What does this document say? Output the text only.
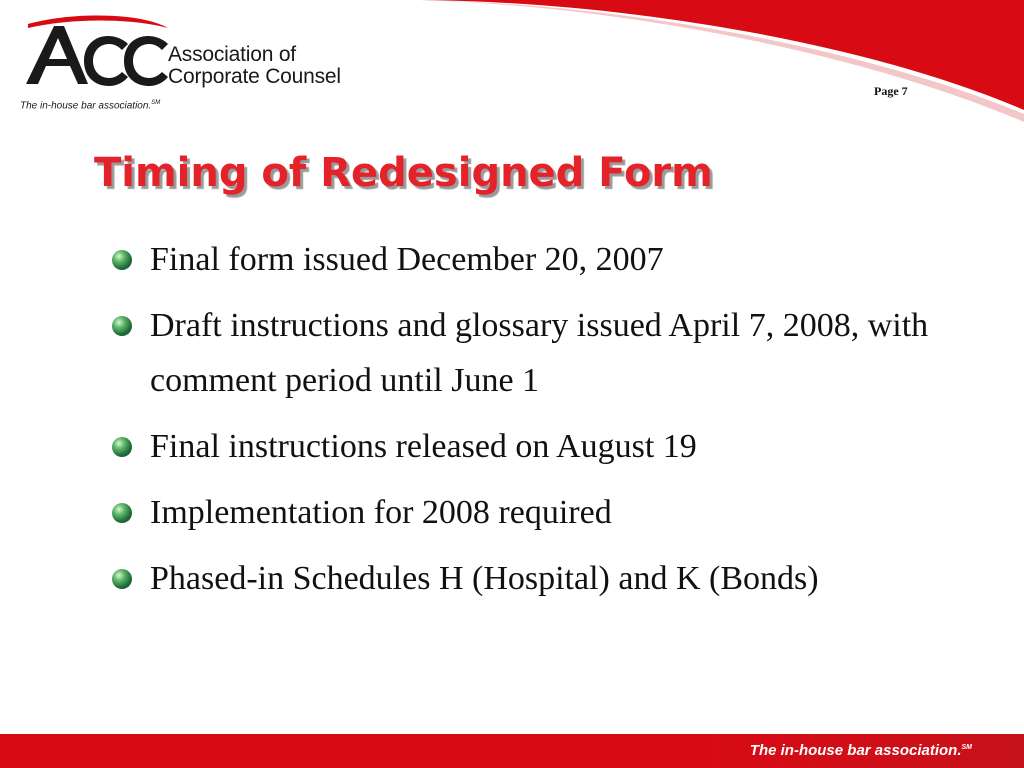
Association of
Corporate Counsel
The in-house bar association.℠
Page 7
Timing of Redesigned Form
Final form issued December 20, 2007
Draft instructions and glossary issued April 7, 2008, with comment period until June 1
Final instructions released on August 19
Implementation for 2008 required
Phased-in Schedules H (Hospital) and K (Bonds)
The in-house bar association.℠
